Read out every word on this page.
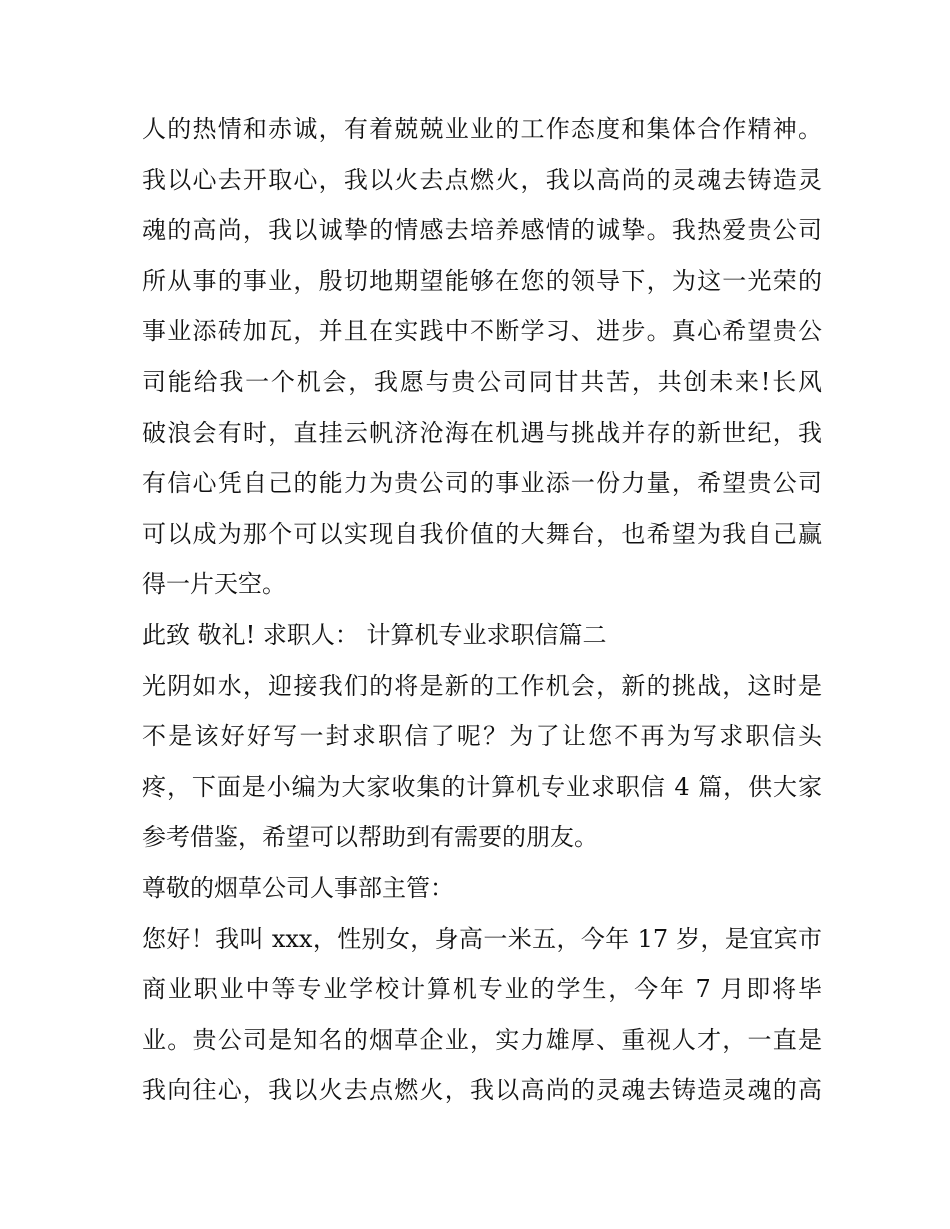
人的热情和赤诚，有着兢兢业业的工作态度和集体合作精神。
我以心去开取心，我以火去点燃火，我以高尚的灵魂去铸造灵
魂的高尚，我以诚挚的情感去培养感情的诚挚。我热爱贵公司
所从事的事业，殷切地期望能够在您的领导下，为这一光荣的
事业添砖加瓦，并且在实践中不断学习、进步。真心希望贵公
司能给我一个机会，我愿与贵公司同甘共苦，共创未来!长风
破浪会有时，直挂云帆济沧海在机遇与挑战并存的新世纪，我
有信心凭自己的能力为贵公司的事业添一份力量，希望贵公司
可以成为那个可以实现自我价值的大舞台，也希望为我自己赢
得一片天空。
此致 敬礼! 求职人： 计算机专业求职信篇二
光阴如水，迎接我们的将是新的工作机会，新的挑战，这时是
不是该好好写一封求职信了呢？为了让您不再为写求职信头
疼，下面是小编为大家收集的计算机专业求职信 4 篇，供大家
参考借鉴，希望可以帮助到有需要的朋友。
尊敬的烟草公司人事部主管：
您好！我叫 xxx，性别女，身高一米五，今年 17 岁，是宜宾市
商业职业中等专业学校计算机专业的学生，今年 7 月即将毕
业。贵公司是知名的烟草企业，实力雄厚、重视人才，一直是
我向往心，我以火去点燃火，我以高尚的灵魂去铸造灵魂的高
